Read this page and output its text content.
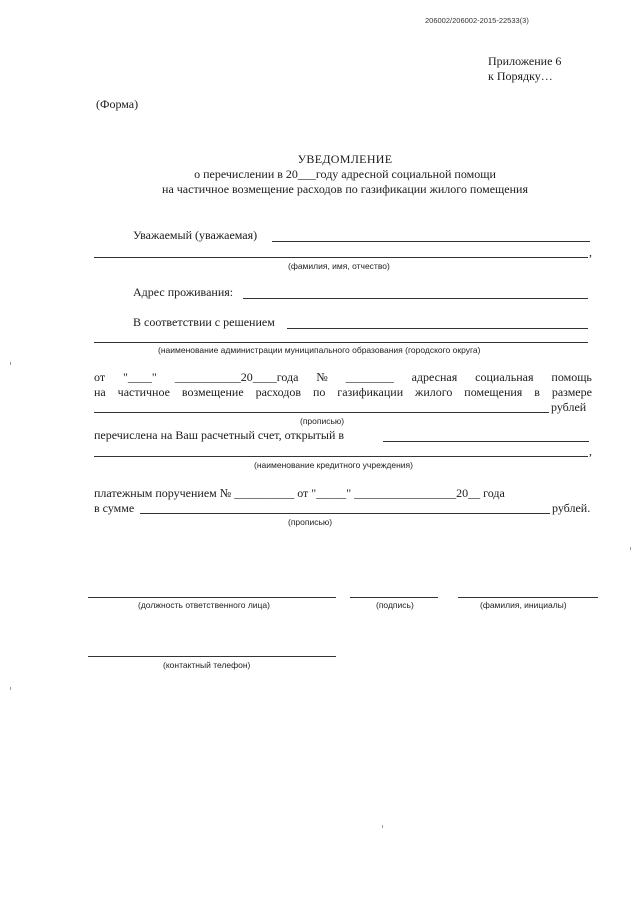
206002/206002-2015-22533(3)
Приложение 6
к Порядку…
(Форма)
УВЕДОМЛЕНИЕ
о перечислении в 20___году адресной социальной помощи
на частичное возмещение расходов по газификации жилого помещения
Уважаемый (уважаемая)
,
(фамилия, имя, отчество)
Адрес проживания:
В соответствии с решением
(наименование администрации муниципального образования (городского округа)
от "____" ___________20____года № ________ адресная социальная помощь
на частичное возмещение расходов по газификации жилого помещения в размере
рублей
(прописью)
перечислена на Ваш расчетный счет, открытый в
,
(наименование кредитного учреждения)
платежным поручением № __________ от "_____" _________________20__ года
в сумме	рублей.
(прописью)
(должность ответственного лица)	(подпись)	(фамилия, инициалы)
(контактный телефон)
